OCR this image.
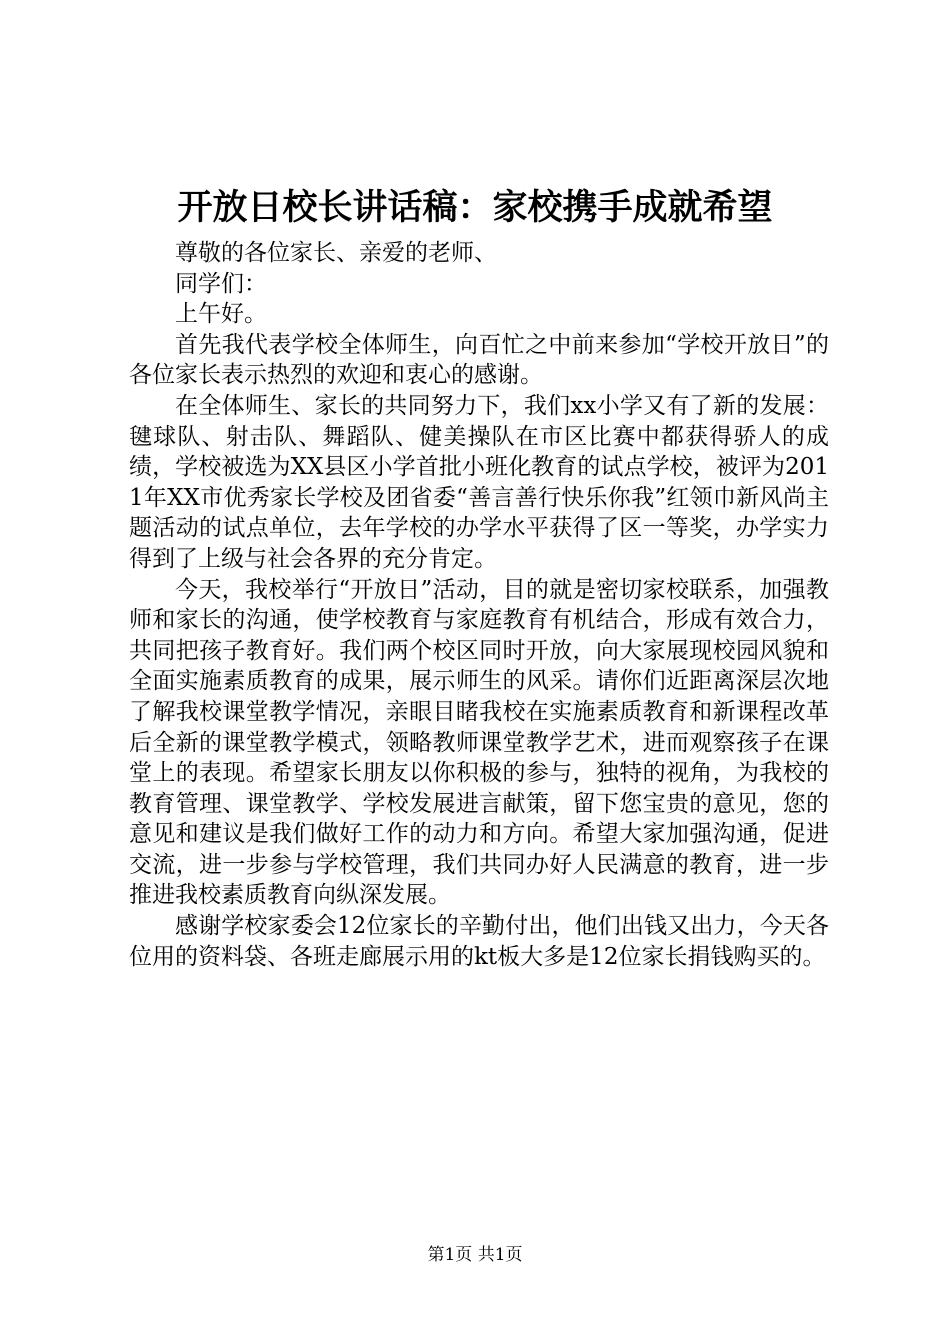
开放日校长讲话稿：家校携手成就希望

尊敬的各位家长、亲爱的老师、

同学们：

上午好。

首先我代表学校全体师生，向百忙之中前来参加“学校开放日”的各位家长表示热烈的欢迎和衷心的感谢。

在全体师生、家长的共同努力下，我们xx小学又有了新的发展：毽球队、射击队、舞蹈队、健美操队在市区比赛中都获得骄人的成绩，学校被选为XX县区小学首批小班化教育的试点学校，被评为2011年XX市优秀家长学校及团省委“善言善行快乐你我”红领巾新风尚主题活动的试点单位，去年学校的办学水平获得了区一等奖，办学实力得到了上级与社会各界的充分肯定。

今天，我校举行“开放日”活动，目的就是密切家校联系，加强教师和家长的沟通，使学校教育与家庭教育有机结合，形成有效合力，共同把孩子教育好。我们两个校区同时开放，向大家展现校园风貌和全面实施素质教育的成果，展示师生的风采。请你们近距离深层次地了解我校课堂教学情况，亲眼目睹我校在实施素质教育和新课程改革后全新的课堂教学模式，领略教师课堂教学艺术，进而观察孩子在课堂上的表现。希望家长朋友以你积极的参与，独特的视角，为我校的教育管理、课堂教学、学校发展进言献策，留下您宝贵的意见，您的意见和建议是我们做好工作的动力和方向。希望大家加强沟通，促进交流，进一步参与学校管理，我们共同办好人民满意的教育，进一步推进我校素质教育向纵深发展。

感谢学校家委会12位家长的辛勤付出，他们出钱又出力，今天各位用的资料袋、各班走廊展示用的kt板大多是12位家长捐钱购买的。

第1页 共1页
